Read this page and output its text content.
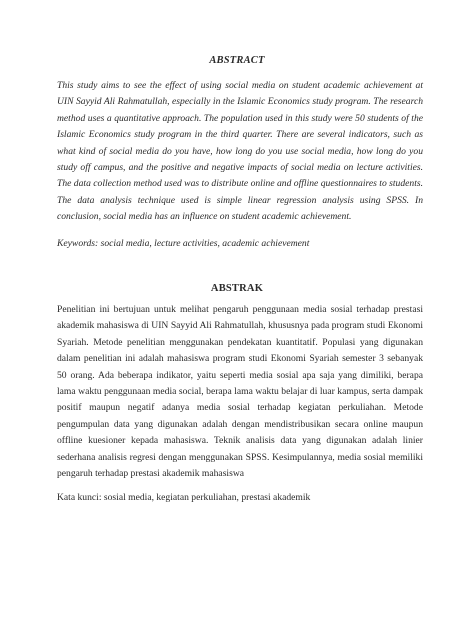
ABSTRACT
This study aims to see the effect of using social media on student academic achievement at UIN Sayyid Ali Rahmatullah, especially in the Islamic Economics study program. The research method uses a quantitative approach. The population used in this study were 50 students of the Islamic Economics study program in the third quarter. There are several indicators, such as what kind of social media do you have, how long do you use social media, how long do you study off campus, and the positive and negative impacts of social media on lecture activities. The data collection method used was to distribute online and offline questionnaires to students. The data analysis technique used is simple linear regression analysis using SPSS. In conclusion, social media has an influence on student academic achievement.
Keywords: social media, lecture activities, academic achievement
ABSTRAK
Penelitian ini bertujuan untuk melihat pengaruh penggunaan media sosial terhadap prestasi akademik mahasiswa di UIN Sayyid Ali Rahmatullah, khususnya pada program studi Ekonomi Syariah. Metode penelitian menggunakan pendekatan kuantitatif. Populasi yang digunakan dalam penelitian ini adalah mahasiswa program studi Ekonomi Syariah semester 3 sebanyak 50 orang. Ada beberapa indikator, yaitu seperti media sosial apa saja yang dimiliki, berapa lama waktu penggunaan media social, berapa lama waktu belajar di luar kampus, serta dampak positif maupun negatif adanya media sosial terhadap kegiatan perkuliahan. Metode pengumpulan data yang digunakan adalah dengan mendistribusikan secara online maupun offline kuesioner kepada mahasiswa. Teknik analisis data yang digunakan adalah linier sederhana analisis regresi dengan menggunakan SPSS. Kesimpulannya, media sosial memiliki pengaruh terhadap prestasi akademik mahasiswa
Kata kunci: sosial media, kegiatan perkuliahan, prestasi akademik
